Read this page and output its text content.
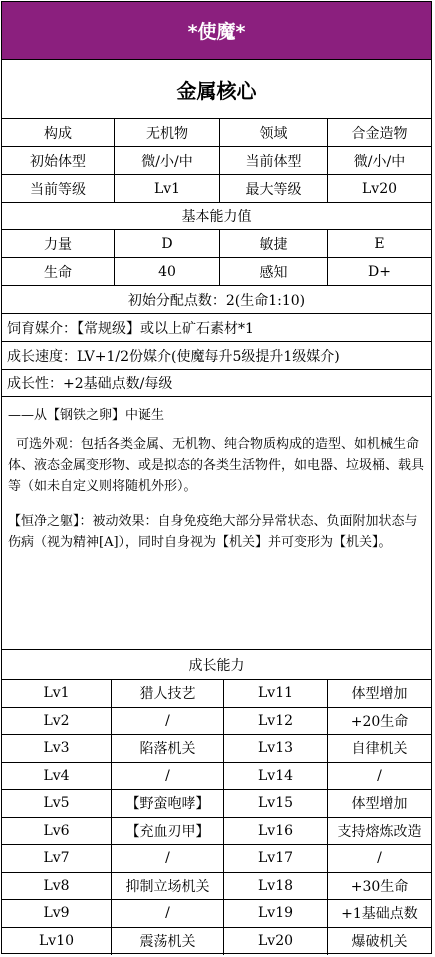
*使魔*
金属核心
构成	无机物	领域	合金造物
初始体型	微/小/中	当前体型	微/小/中
当前等级	Lv1	最大等级	Lv20
基本能力值
力量	D	敏捷	E
生命	40	感知	D+
初始分配点数：2(生命1:10)
饲育媒介：【常规级】或以上矿石素材*1
成长速度：LV+1/2份媒介(使魔每升5级提升1级媒介)
成长性：+2基础点数/每级

——从【钢铁之卵】中诞生

可选外观：包括各类金属、无机物、纯合物质构成的造型、如机械生命体、液态金属变形物、或是拟态的各类生活物件，如电器、垃圾桶、载具等（如未自定义则将随机外形）。

【恒净之躯】：被动效果：自身免疫绝大部分异常状态、负面附加状态与伤病（视为精神[A]），同时自身视为【机关】并可变形为【机关】。

成长能力
Lv1	猎人技艺	Lv11	体型增加
Lv2	/	Lv12	+20生命
Lv3	陷落机关	Lv13	自律机关
Lv4	/	Lv14	/
Lv5	【野蛮咆哮】	Lv15	体型增加
Lv6	【充血刃甲】	Lv16	支持熔炼改造
Lv7	/	Lv17	/
Lv8	抑制立场机关	Lv18	+30生命
Lv9	/	Lv19	+1基础点数
Lv10	震荡机关	Lv20	爆破机关
